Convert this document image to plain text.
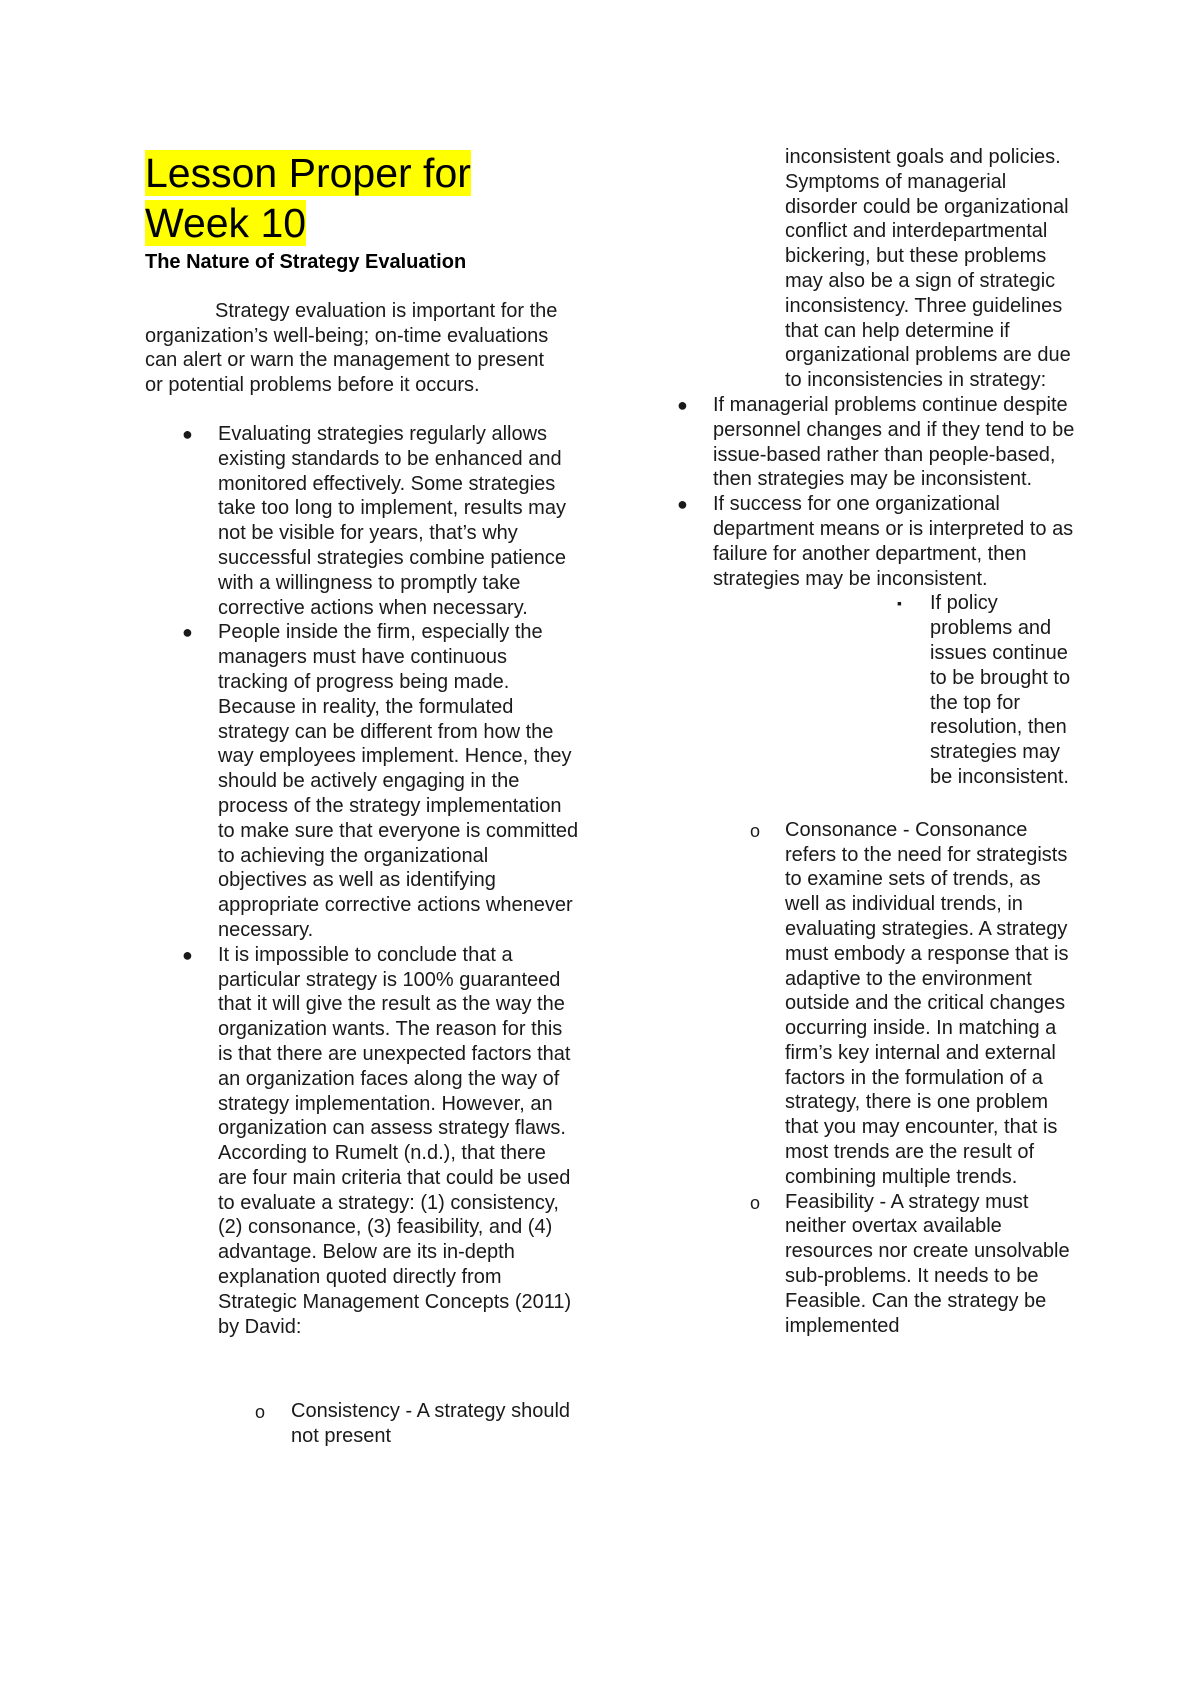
Lesson Proper for
Week 10
The Nature of Strategy Evaluation

Strategy evaluation is important for the organization’s well-being; on-time evaluations can alert or warn the management to present or potential problems before it occurs.

● Evaluating strategies regularly allows existing standards to be enhanced and monitored effectively. Some strategies take too long to implement, results may not be visible for years, that’s why successful strategies combine patience with a willingness to promptly take corrective actions when necessary.
● People inside the firm, especially the managers must have continuous tracking of progress being made. Because in reality, the formulated strategy can be different from how the way employees implement. Hence, they should be actively engaging in the process of the strategy implementation to make sure that everyone is committed to achieving the organizational objectives as well as identifying appropriate corrective actions whenever necessary.
● It is impossible to conclude that a particular strategy is 100% guaranteed that it will give the result as the way the organization wants. The reason for this is that there are unexpected factors that an organization faces along the way of strategy implementation. However, an organization can assess strategy flaws. According to Rumelt (n.d.), that there are four main criteria that could be used to evaluate a strategy: (1) consistency, (2) consonance, (3) feasibility, and (4) advantage. Below are its in-depth explanation quoted directly from Strategic Management Concepts (2011) by David:
o Consistency - A strategy should not present
inconsistent goals and policies. Symptoms of managerial disorder could be organizational conflict and interdepartmental bickering, but these problems may also be a sign of strategic inconsistency. Three guidelines that can help determine if organizational problems are due to inconsistencies in strategy:
● If managerial problems continue despite personnel changes and if they tend to be issue-based rather than people-based, then strategies may be inconsistent.
● If success for one organizational department means or is interpreted to as failure for another department, then strategies may be inconsistent.
▪ If policy problems and issues continue to be brought to the top for resolution, then strategies may be inconsistent.
o Consonance - Consonance refers to the need for strategists to examine sets of trends, as well as individual trends, in evaluating strategies. A strategy must embody a response that is adaptive to the environment outside and the critical changes occurring inside. In matching a firm’s key internal and external factors in the formulation of a strategy, there is one problem that you may encounter, that is most trends are the result of combining multiple trends.
o Feasibility - A strategy must neither overtax available resources nor create unsolvable sub-problems. It needs to be Feasible. Can the strategy be implemented
